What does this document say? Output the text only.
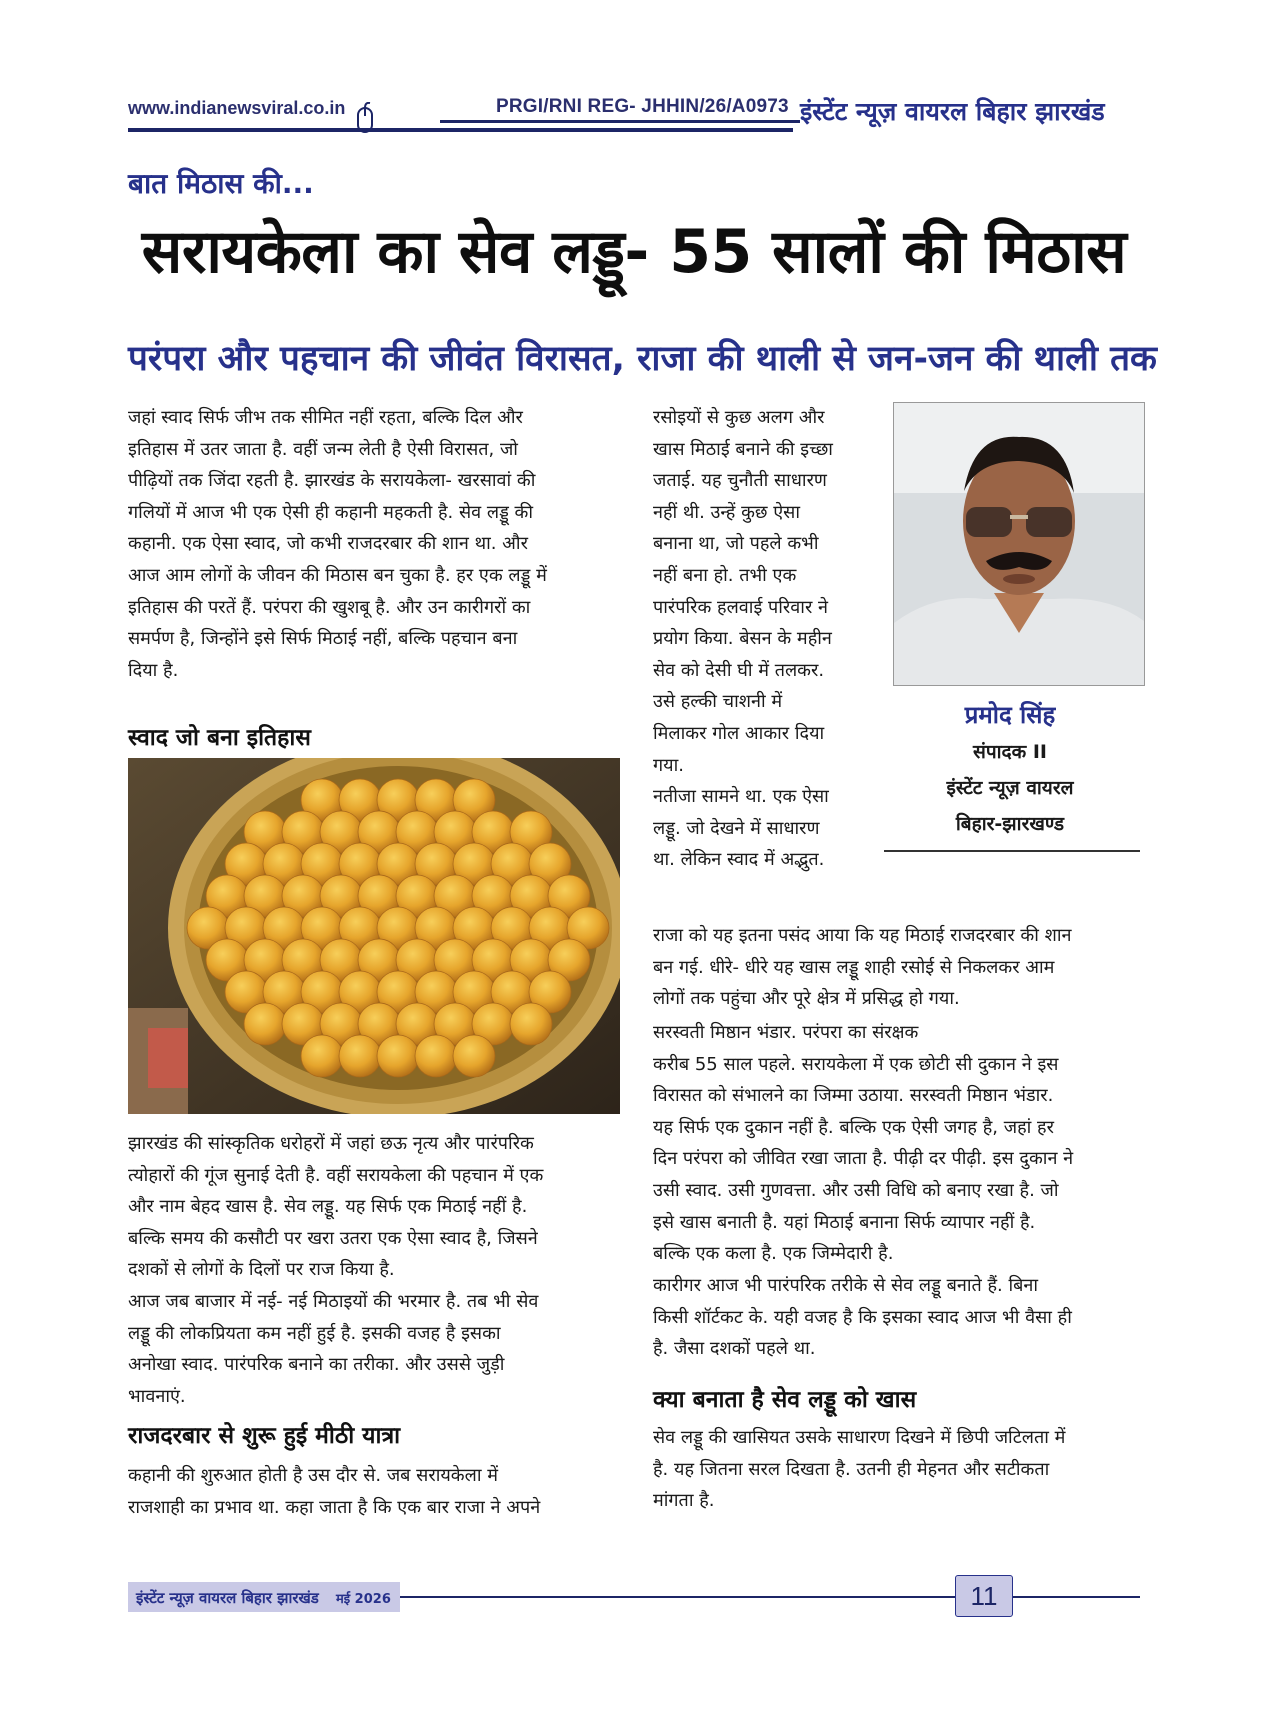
www.indianewsviral.co.in	PRGI/RNI REG- JHHIN/26/A0973 इंस्टेंट न्यूज़ वायरल बिहार झारखंड
बात मिठास की...
सरायकेला का सेव लड्डू- 55 सालों की मिठास
परंपरा और पहचान की जीवंत विरासत, राजा की थाली से जन-जन की थाली तक
जहां स्वाद सिर्फ जीभ तक सीमित नहीं रहता, बल्कि दिल और
इतिहास में उतर जाता है. वहीं जन्म लेती है ऐसी विरासत, जो
पीढ़ियों तक जिंदा रहती है. झारखंड के सरायकेला- खरसावां की
गलियों में आज भी एक ऐसी ही कहानी महकती है. सेव लड्डू की
कहानी. एक ऐसा स्वाद, जो कभी राजदरबार की शान था. और
आज आम लोगों के जीवन की मिठास बन चुका है. हर एक लड्डू में
इतिहास की परतें हैं. परंपरा की खुशबू है. और उन कारीगरों का
समर्पण है, जिन्होंने इसे सिर्फ मिठाई नहीं, बल्कि पहचान बना
दिया है.
स्वाद जो बना इतिहास
झारखंड की सांस्कृतिक धरोहरों में जहां छऊ नृत्य और पारंपरिक
त्योहारों की गूंज सुनाई देती है. वहीं सरायकेला की पहचान में एक
और नाम बेहद खास है. सेव लड्डू. यह सिर्फ एक मिठाई नहीं है.
बल्कि समय की कसौटी पर खरा उतरा एक ऐसा स्वाद है, जिसने
दशकों से लोगों के दिलों पर राज किया है.
आज जब बाजार में नई- नई मिठाइयों की भरमार है. तब भी सेव
लड्डू की लोकप्रियता कम नहीं हुई है. इसकी वजह है इसका
अनोखा स्वाद. पारंपरिक बनाने का तरीका. और उससे जुड़ी
भावनाएं.
राजदरबार से शुरू हुई मीठी यात्रा
कहानी की शुरुआत होती है उस दौर से. जब सरायकेला में
राजशाही का प्रभाव था. कहा जाता है कि एक बार राजा ने अपने
रसोइयों से कुछ अलग और
खास मिठाई बनाने की इच्छा
जताई. यह चुनौती साधारण
नहीं थी. उन्हें कुछ ऐसा
बनाना था, जो पहले कभी
नहीं बना हो. तभी एक
पारंपरिक हलवाई परिवार ने
प्रयोग किया. बेसन के महीन
सेव को देसी घी में तलकर.
उसे हल्की चाशनी में
मिलाकर गोल आकार दिया
गया.
नतीजा सामने था. एक ऐसा
लड्डू. जो देखने में साधारण
था. लेकिन स्वाद में अद्भुत.
प्रमोद सिंह
संपादक II
इंस्टेंट न्यूज़ वायरल
बिहार-झारखण्ड
राजा को यह इतना पसंद आया कि यह मिठाई राजदरबार की शान
बन गई. धीरे- धीरे यह खास लड्डू शाही रसोई से निकलकर आम
लोगों तक पहुंचा और पूरे क्षेत्र में प्रसिद्ध हो गया.
सरस्वती मिष्ठान भंडार. परंपरा का संरक्षक
करीब 55 साल पहले. सरायकेला में एक छोटी सी दुकान ने इस
विरासत को संभालने का जिम्मा उठाया. सरस्वती मिष्ठान भंडार.
यह सिर्फ एक दुकान नहीं है. बल्कि एक ऐसी जगह है, जहां हर
दिन परंपरा को जीवित रखा जाता है. पीढ़ी दर पीढ़ी. इस दुकान ने
उसी स्वाद. उसी गुणवत्ता. और उसी विधि को बनाए रखा है. जो
इसे खास बनाती है. यहां मिठाई बनाना सिर्फ व्यापार नहीं है.
बल्कि एक कला है. एक जिम्मेदारी है.
कारीगर आज भी पारंपरिक तरीके से सेव लड्डू बनाते हैं. बिना
किसी शॉर्टकट के. यही वजह है कि इसका स्वाद आज भी वैसा ही
है. जैसा दशकों पहले था.
क्या बनाता है सेव लड्डू को खास
सेव लड्डू की खासियत उसके साधारण दिखने में छिपी जटिलता में
है. यह जितना सरल दिखता है. उतनी ही मेहनत और सटीकता
मांगता है.
इंस्टेंट न्यूज़ वायरल बिहार झारखंड मई 2026	11
